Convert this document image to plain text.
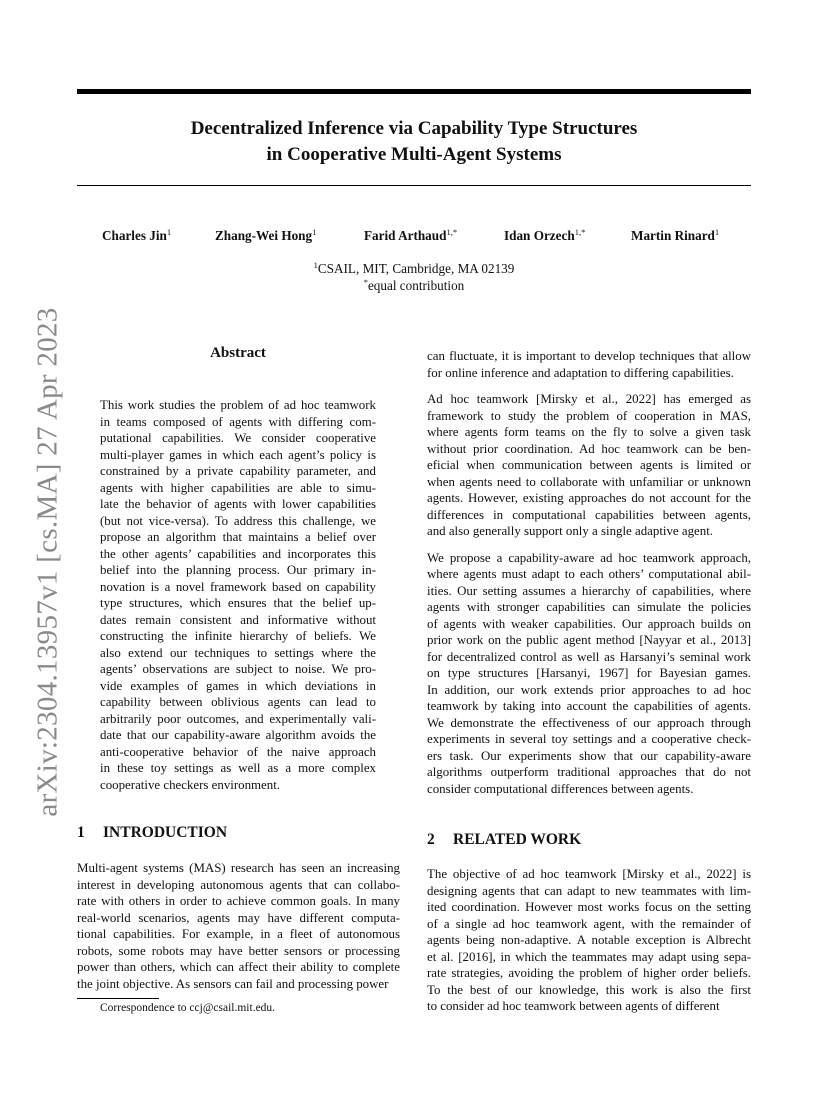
Decentralized Inference via Capability Type Structures
in Cooperative Multi-Agent Systems
Charles Jin$^1$	Zhang-Wei Hong$^1$	Farid Arthaud$^{1,*}$	Idan Orzech$^{1,*}$	Martin Rinard$^1$
$^1$CSAIL, MIT, Cambridge, MA 02139
*equal contribution
arXiv:2304.13957v1 [cs.MA] 27 Apr 2023	Abstract
This work studies the problem of ad hoc teamwork
in teams composed of agents with differing com-
putational capabilities. We consider cooperative
multi-player games in which each agent’s policy is
constrained by a private capability parameter, and
agents with higher capabilities are able to simu-
late the behavior of agents with lower capabilities
(but not vice-versa). To address this challenge, we
propose an algorithm that maintains a belief over
the other agents’ capabilities and incorporates this
belief into the planning process. Our primary in-
novation is a novel framework based on capability
type structures, which ensures that the belief up-
dates remain consistent and informative without
constructing the infinite hierarchy of beliefs. We
also extend our techniques to settings where the
agents’ observations are subject to noise. We pro-
vide examples of games in which deviations in
capability between oblivious agents can lead to
arbitrarily poor outcomes, and experimentally vali-
date that our capability-aware algorithm avoids the
anti-cooperative behavior of the naive approach
in these toy settings as well as a more complex
cooperative checkers environment.
1 INTRODUCTION
Multi-agent systems (MAS) research has seen an increasing
interest in developing autonomous agents that can collabo-
rate with others in order to achieve common goals. In many
real-world scenarios, agents may have different computa-
tional capabilities. For example, in a fleet of autonomous
robots, some robots may have better sensors or processing
power than others, which can affect their ability to complete
the joint objective. As sensors can fail and processing power
can fluctuate, it is important to develop techniques that allow
for online inference and adaptation to differing capabilities.
Ad hoc teamwork [Mirsky et al., 2022] has emerged as
framework to study the problem of cooperation in MAS,
where agents form teams on the fly to solve a given task
without prior coordination. Ad hoc teamwork can be ben-
eficial when communication between agents is limited or
when agents need to collaborate with unfamiliar or unknown
agents. However, existing approaches do not account for the
differences in computational capabilities between agents,
and also generally support only a single adaptive agent.
We propose a capability-aware ad hoc teamwork approach,
where agents must adapt to each others’ computational abil-
ities. Our setting assumes a hierarchy of capabilities, where
agents with stronger capabilities can simulate the policies
of agents with weaker capabilities. Our approach builds on
prior work on the public agent method [Nayyar et al., 2013]
for decentralized control as well as Harsanyi’s seminal work
on type structures [Harsanyi, 1967] for Bayesian games.
In addition, our work extends prior approaches to ad hoc
teamwork by taking into account the capabilities of agents.
We demonstrate the effectiveness of our approach through
experiments in several toy settings and a cooperative check-
ers task. Our experiments show that our capability-aware
algorithms outperform traditional approaches that do not
consider computational differences between agents.
2 RELATED WORK
The objective of ad hoc teamwork [Mirsky et al., 2022] is
designing agents that can adapt to new teammates with lim-
ited coordination. However most works focus on the setting
of a single ad hoc teamwork agent, with the remainder of
agents being non-adaptive. A notable exception is Albrecht
et al. [2016], in which the teammates may adapt using sepa-
rate strategies, avoiding the problem of higher order beliefs.
To the best of our knowledge, this work is also the first
to consider ad hoc teamwork between agents of different
Correspondence to ccj@csail.mit.edu.
